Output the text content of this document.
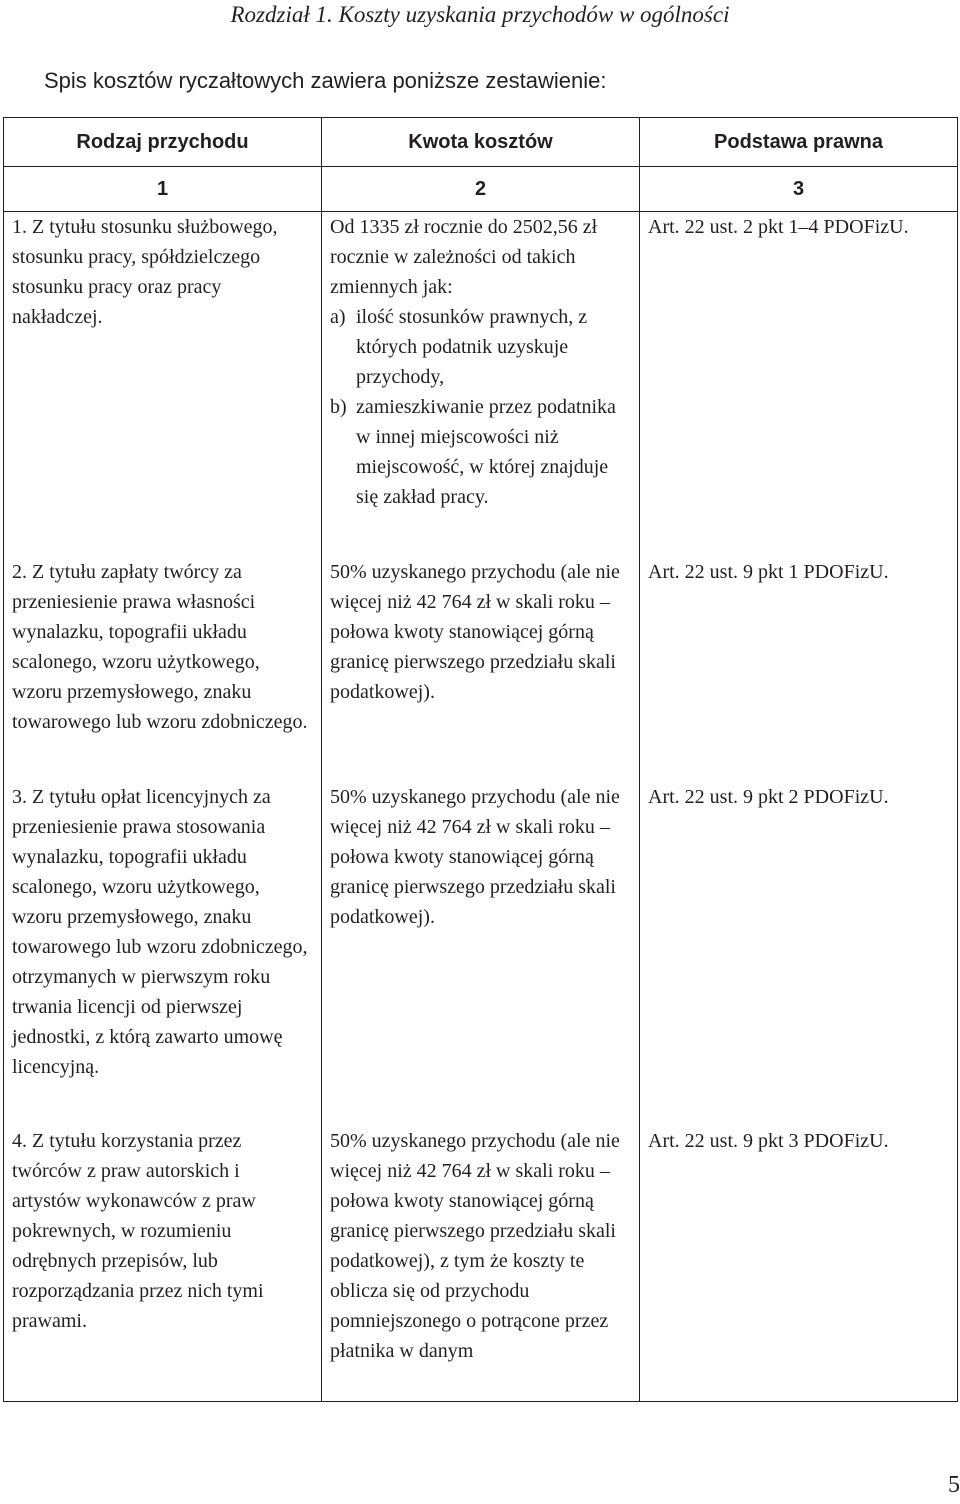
Rozdział 1. Koszty uzyskania przychodów w ogólności
Spis kosztów ryczałtowych zawiera poniższe zestawienie:
Rodzaj przychodu	Kwota kosztów	Podstawa prawna
1	2	3
1. Z tytułu stosunku służbowego, stosunku pracy, spółdzielczego stosunku pracy oraz pracy nakładczej.	Od 1335 zł rocznie do 2502,56 zł rocznie w zależności od takich zmiennych jak:

a) ilość stosunków prawnych, z których podatnik uzyskuje przychody,
b) zamieszkiwanie przez podatnika w innej miejscowości niż miejscowość, w której znajduje się zakład pracy.	Art. 22 ust. 2 pkt 1–4 PDOFizU.
2. Z tytułu zapłaty twórcy za przeniesienie prawa własności wynalazku, topografii układu scalonego, wzoru użytkowego, wzoru przemysłowego, znaku towarowego lub wzoru zdobniczego.	50% uzyskanego przychodu (ale nie więcej niż 42 764 zł w skali roku – połowa kwoty stanowiącej górną granicę pierwszego przedziału skali podatkowej).	Art. 22 ust. 9 pkt 1 PDOFizU.
3. Z tytułu opłat licencyjnych za przeniesienie prawa stosowania wynalazku, topografii układu scalonego, wzoru użytkowego, wzoru przemysłowego, znaku towarowego lub wzoru zdobniczego, otrzymanych w pierwszym roku trwania licencji od pierwszej jednostki, z którą zawarto umowę licencyjną.	50% uzyskanego przychodu (ale nie więcej niż 42 764 zł w skali roku – połowa kwoty stanowiącej górną granicę pierwszego przedziału skali podatkowej).	Art. 22 ust. 9 pkt 2 PDOFizU.
4. Z tytułu korzystania przez twórców z praw autorskich i artystów wykonawców z praw pokrewnych, w rozumieniu odrębnych przepisów, lub rozporządzania przez nich tymi prawami.	50% uzyskanego przychodu (ale nie więcej niż 42 764 zł w skali roku – połowa kwoty stanowiącej górną granicę pierwszego przedziału skali podatkowej), z tym że koszty te oblicza się od przychodu pomniejszonego o potrącone przez płatnika w danym	Art. 22 ust. 9 pkt 3 PDOFizU.
5
